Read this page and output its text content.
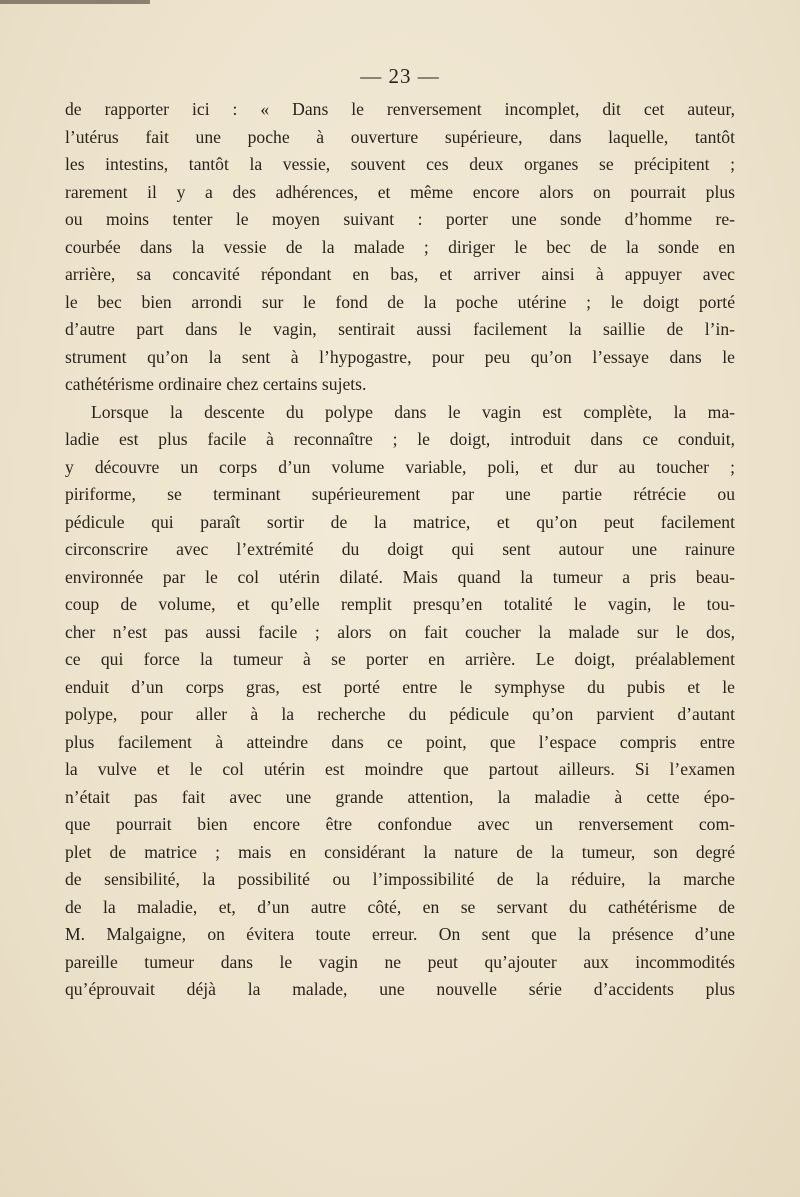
— 23 —
de rapporter ici : « Dans le renversement incomplet, dit cet auteur,
l’utérus fait une poche à ouverture supérieure, dans laquelle, tantôt
les intestins, tantôt la vessie, souvent ces deux organes se précipitent ;
rarement il y a des adhérences, et même encore alors on pourrait plus
ou moins tenter le moyen suivant : porter une sonde d’homme re-
courbée dans la vessie de la malade ; diriger le bec de la sonde en
arrière, sa concavité répondant en bas, et arriver ainsi à appuyer avec
le bec bien arrondi sur le fond de la poche utérine ; le doigt porté
d’autre part dans le vagin, sentirait aussi facilement la saillie de l’in-
strument qu’on la sent à l’hypogastre, pour peu qu’on l’essaye dans le
cathétérisme ordinaire chez certains sujets.
Lorsque la descente du polype dans le vagin est complète, la ma-
ladie est plus facile à reconnaître ; le doigt, introduit dans ce conduit,
y découvre un corps d’un volume variable, poli, et dur au toucher ;
piriforme, se terminant supérieurement par une partie rétrécie ou
pédicule qui paraît sortir de la matrice, et qu’on peut facilement
circonscrire avec l’extrémité du doigt qui sent autour une rainure
environnée par le col utérin dilaté. Mais quand la tumeur a pris beau-
coup de volume, et qu’elle remplit presqu’en totalité le vagin, le tou-
cher n’est pas aussi facile ; alors on fait coucher la malade sur le dos,
ce qui force la tumeur à se porter en arrière. Le doigt, préalablement
enduit d’un corps gras, est porté entre le symphyse du pubis et le
polype, pour aller à la recherche du pédicule qu’on parvient d’autant
plus facilement à atteindre dans ce point, que l’espace compris entre
la vulve et le col utérin est moindre que partout ailleurs. Si l’examen
n’était pas fait avec une grande attention, la maladie à cette épo-
que pourrait bien encore être confondue avec un renversement com-
plet de matrice ; mais en considérant la nature de la tumeur, son degré
de sensibilité, la possibilité ou l’impossibilité de la réduire, la marche
de la maladie, et, d’un autre côté, en se servant du cathétérisme de
M. Malgaigne, on évitera toute erreur. On sent que la présence d’une
pareille tumeur dans le vagin ne peut qu’ajouter aux incommodités
qu’éprouvait déjà la malade, une nouvelle série d’accidents plus
